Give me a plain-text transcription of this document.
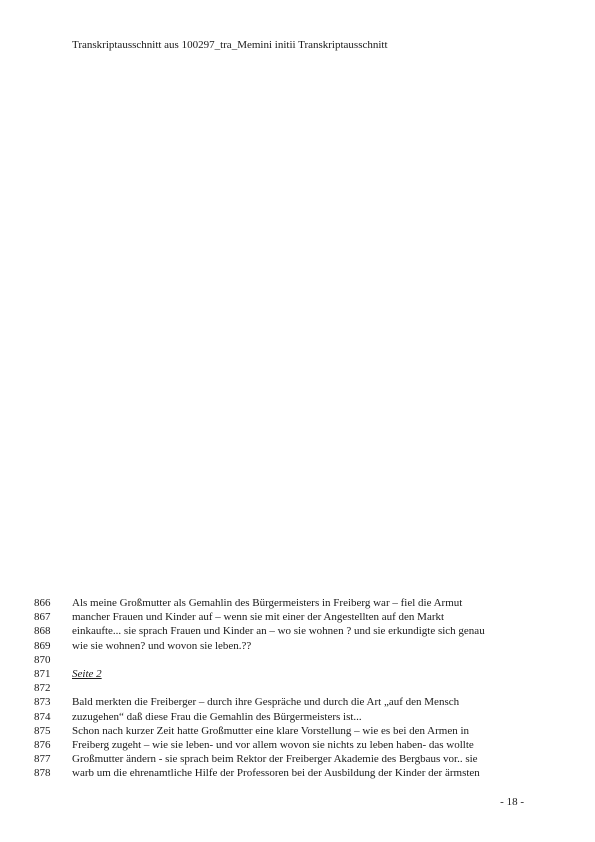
Transkriptausschnitt aus 100297_tra_Memini initii Transkriptausschnitt
866	Als meine Großmutter als Gemahlin des Bürgermeisters in Freiberg war – fiel die Armut
867	mancher Frauen und Kinder auf – wenn sie mit einer der Angestellten auf den Markt
868	einkaufte... sie sprach Frauen und Kinder an – wo sie wohnen ? und sie erkundigte sich genau
869	wie sie wohnen? und wovon sie leben.??
870
871	Seite 2
872
873	Bald merkten die Freiberger – durch ihre Gespräche und durch die Art „auf den Mensch
874	zuzugehen“ daß diese Frau die Gemahlin des Bürgermeisters ist...
875	Schon nach kurzer Zeit hatte Großmutter eine klare Vorstellung – wie es bei den Armen in
876	Freiberg zugeht – wie sie leben- und vor allem wovon sie nichts zu leben haben- das wollte
877	Großmutter ändern - sie sprach beim Rektor der Freiberger Akademie des Bergbaus vor.. sie
878	warb um die ehrenamtliche Hilfe der Professoren bei der Ausbildung der Kinder der ärmsten
- 18 -
